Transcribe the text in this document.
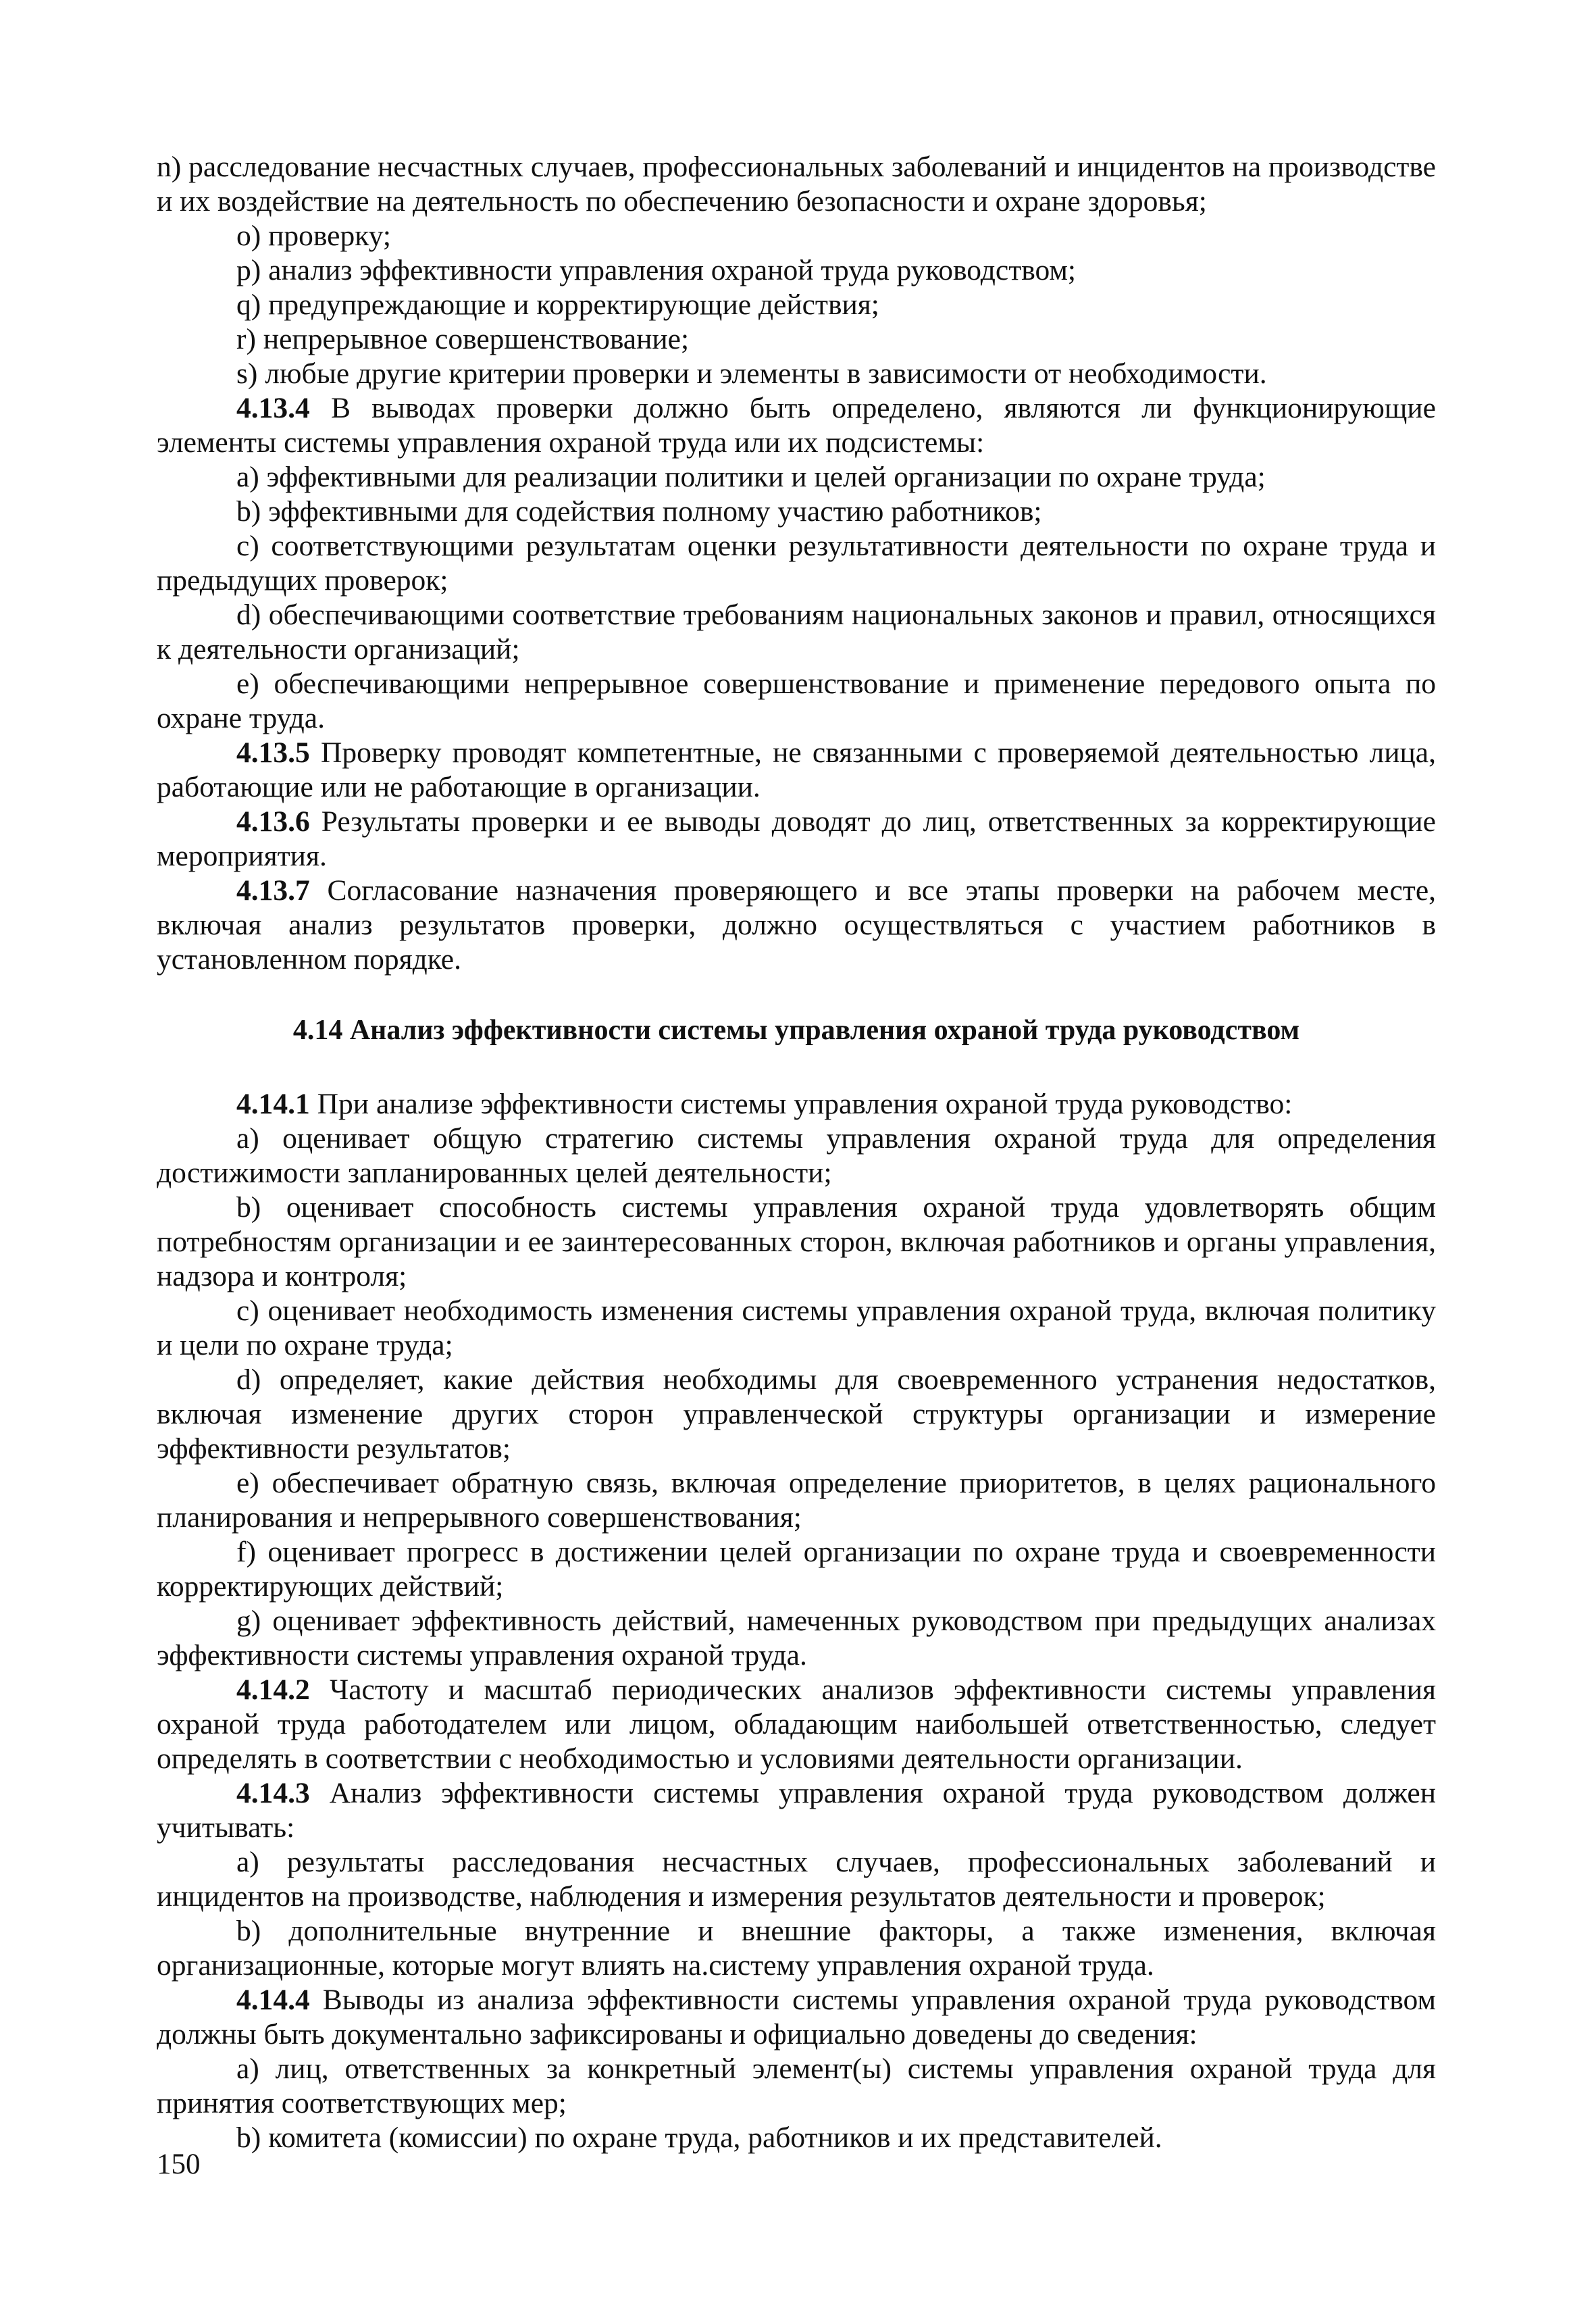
n) расследование несчастных случаев, профессиональных заболеваний и инцидентов на производстве и их воздействие на деятельность по обеспечению безопасности и охране здоровья;

o) проверку;

p) анализ эффективности управления охраной труда руководством;

q) предупреждающие и корректирующие действия;

r) непрерывное совершенствование;

s) любые другие критерии проверки и элементы в зависимости от необходимости.

4.13.4 В выводах проверки должно быть определено, являются ли функционирующие элементы системы управления охраной труда или их подсистемы:

a) эффективными для реализации политики и целей организации по охране труда;

b) эффективными для содействия полному участию работников;

c) соответствующими результатам оценки результативности деятельности по охране труда и предыдущих проверок;

d) обеспечивающими соответствие требованиям национальных законов и правил, относящихся к деятельности организаций;

e) обеспечивающими непрерывное совершенствование и применение передового опыта по охране труда.

4.13.5 Проверку проводят компетентные, не связанными с проверяемой деятельностью лица, работающие или не работающие в организации.

4.13.6 Результаты проверки и ее выводы доводят до лиц, ответственных за корректирующие мероприятия.

4.13.7 Согласование назначения проверяющего и все этапы проверки на рабочем месте, включая анализ результатов проверки, должно осуществляться с участием работников в установленном порядке.

4.14 Анализ эффективности системы управления охраной труда руководством

4.14.1 При анализе эффективности системы управления охраной труда руководство:

a) оценивает общую стратегию системы управления охраной труда для определения достижимости запланированных целей деятельности;

b) оценивает способность системы управления охраной труда удовлетворять общим потребностям организации и ее заинтересованных сторон, включая работников и органы управления, надзора и контроля;

c) оценивает необходимость изменения системы управления охраной труда, включая политику и цели по охране труда;

d) определяет, какие действия необходимы для своевременного устранения недостатков, включая изменение других сторон управленческой структуры организации и измерение эффективности результатов;

e) обеспечивает обратную связь, включая определение приоритетов, в целях рационального планирования и непрерывного совершенствования;

f) оценивает прогресс в достижении целей организации по охране труда и своевременности корректирующих действий;

g) оценивает эффективность действий, намеченных руководством при предыдущих анализах эффективности системы управления охраной труда.

4.14.2 Частоту и масштаб периодических анализов эффективности системы управления охраной труда работодателем или лицом, обладающим наибольшей ответственностью, следует определять в соответствии с необходимостью и условиями деятельности организации.

4.14.3 Анализ эффективности системы управления охраной труда руководством должен учитывать:

a) результаты расследования несчастных случаев, профессиональных заболеваний и инцидентов на производстве, наблюдения и измерения результатов деятельности и проверок;

b) дополнительные внутренние и внешние факторы, а также изменения, включая организационные, которые могут влиять на.систему управления охраной труда.

4.14.4 Выводы из анализа эффективности системы управления охраной труда руководством должны быть документально зафиксированы и официально доведены до сведения:

a) лиц, ответственных за конкретный элемент(ы) системы управления охраной труда для принятия соответствующих мер;

b) комитета (комиссии) по охране труда, работников и их представителей.

150
